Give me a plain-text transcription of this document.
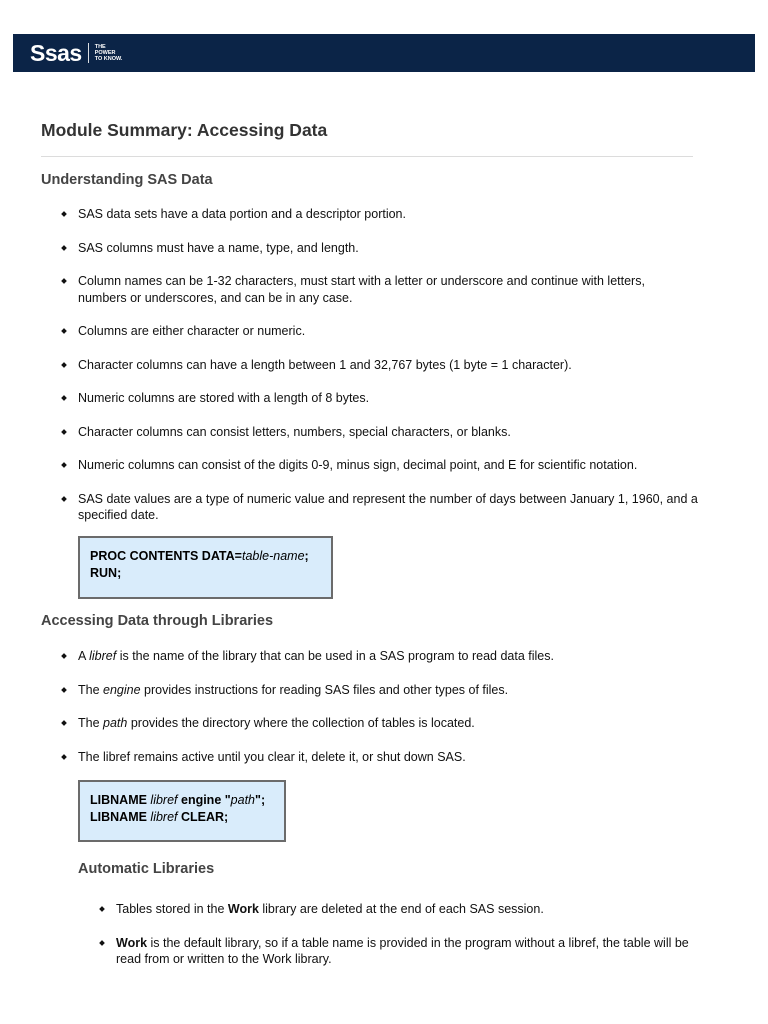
Ssas THE
POWER
TO KNOW.
Module Summary: Accessing Data
Understanding SAS Data
SAS data sets have a data portion and a descriptor portion.
SAS columns must have a name, type, and length.
Column names can be 1-32 characters, must start with a letter or underscore and continue with letters, numbers or underscores, and can be in any case.
Columns are either character or numeric.
Character columns can have a length between 1 and 32,767 bytes (1 byte = 1 character).
Numeric columns are stored with a length of 8 bytes.
Character columns can consist letters, numbers, special characters, or blanks.
Numeric columns can consist of the digits 0-9, minus sign, decimal point, and E for scientific notation.
SAS date values are a type of numeric value and represent the number of days between January 1, 1960, and a specified date.
PROC CONTENTS DATA=table-name;
RUN;
Accessing Data through Libraries
A libref is the name of the library that can be used in a SAS program to read data files.
The engine provides instructions for reading SAS files and other types of files.
The path provides the directory where the collection of tables is located.
The libref remains active until you clear it, delete it, or shut down SAS.
LIBNAME libref engine "path";
LIBNAME libref CLEAR;
Automatic Libraries
Tables stored in the Work library are deleted at the end of each SAS session.
Work is the default library, so if a table name is provided in the program without a libref, the table will be read from or written to the Work library.
